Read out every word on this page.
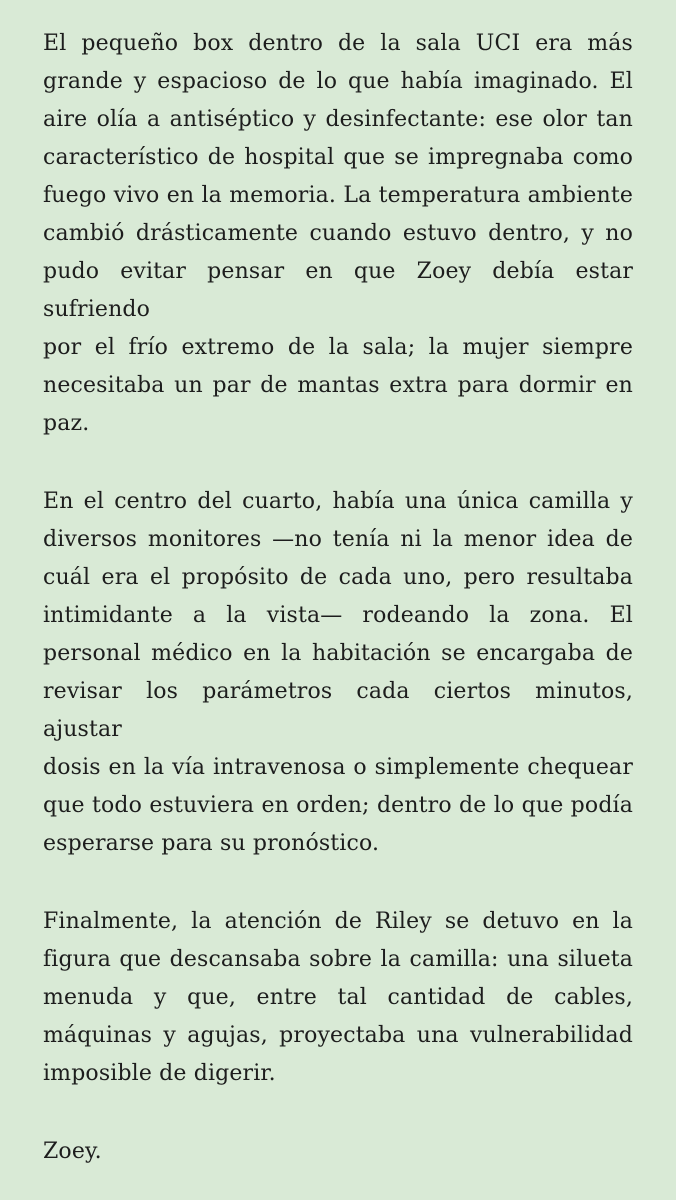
El pequeño box dentro de la sala UCI era más
grande y espacioso de lo que había imaginado. El
aire olía a antiséptico y desinfectante: ese olor tan
característico de hospital que se impregnaba como
fuego vivo en la memoria. La temperatura ambiente
cambió drásticamente cuando estuvo dentro, y no
pudo evitar pensar en que Zoey debía estar sufriendo
por el frío extremo de la sala; la mujer siempre
necesitaba un par de mantas extra para dormir en
paz.

En el centro del cuarto, había una única camilla y
diversos monitores —no tenía ni la menor idea de
cuál era el propósito de cada uno, pero resultaba
intimidante a la vista— rodeando la zona. El
personal médico en la habitación se encargaba de
revisar los parámetros cada ciertos minutos, ajustar
dosis en la vía intravenosa o simplemente chequear
que todo estuviera en orden; dentro de lo que podía
esperarse para su pronóstico.

Finalmente, la atención de Riley se detuvo en la
figura que descansaba sobre la camilla: una silueta
menuda y que, entre tal cantidad de cables,
máquinas y agujas, proyectaba una vulnerabilidad
imposible de digerir.

Zoey.
